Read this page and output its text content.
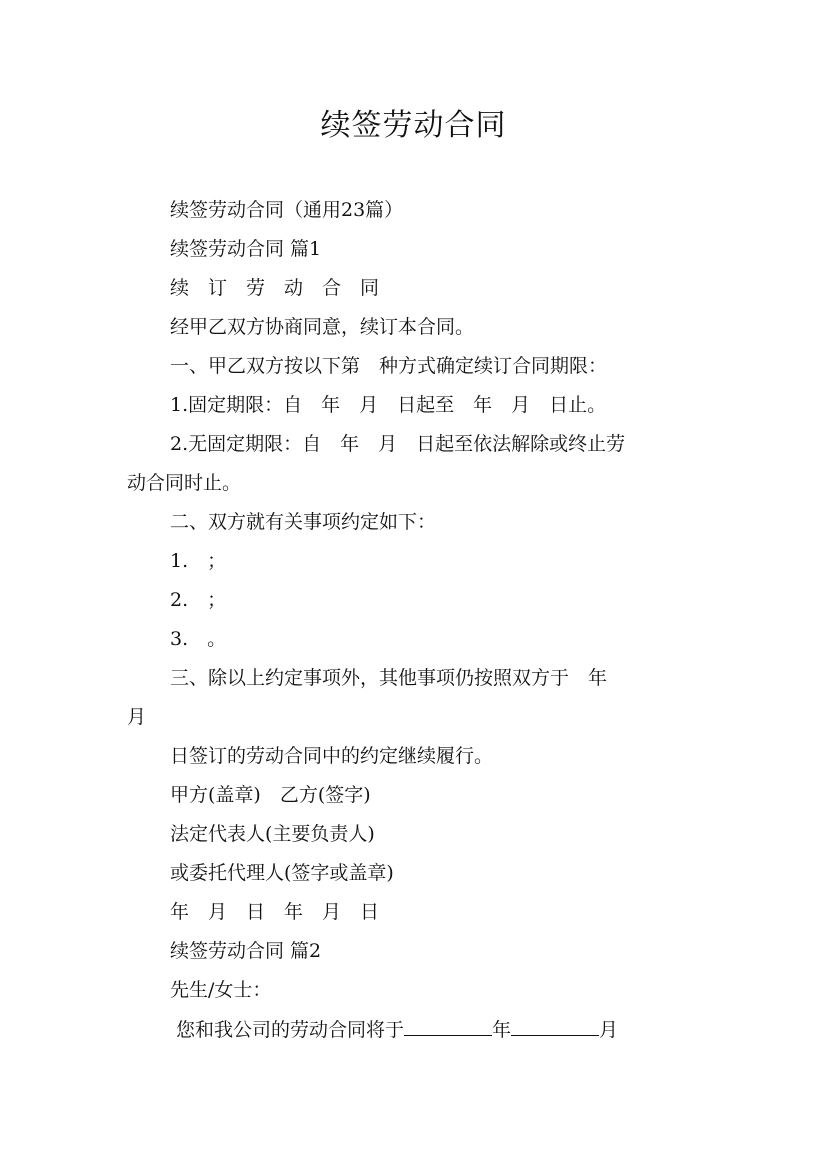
续签劳动合同

续签劳动合同（通用23篇）

续签劳动合同 篇1

续　订　劳　动　合　同

经甲乙双方协商同意，续订本合同。

一、甲乙双方按以下第　种方式确定续订合同期限：

1.固定期限：自　年　月　日起至　年　月　日止。

2.无固定期限：自　年　月　日起至依法解除或终止劳

动合同时止。

二、双方就有关事项约定如下：

1.　；

2.　；

3.　。

三、除以上约定事项外，其他事项仍按照双方于　年

月

日签订的劳动合同中的约定继续履行。

甲方(盖章)　乙方(签字)

法定代表人(主要负责人)

或委托代理人(签字或盖章)

年　月　日　年　月　日

续签劳动合同 篇2

先生/女士：

您和我公司的劳动合同将于	年	月
